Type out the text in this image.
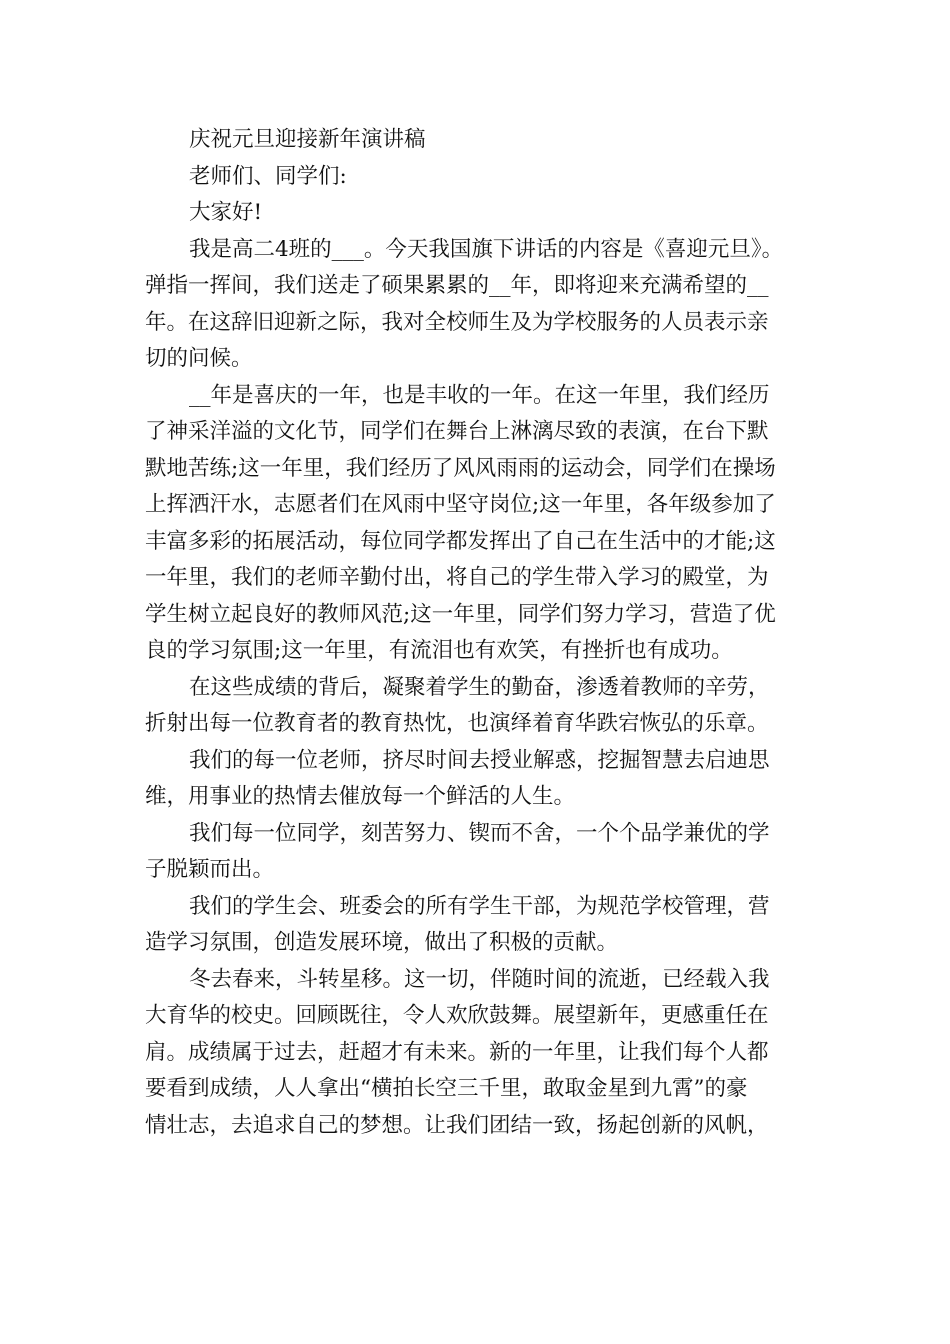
庆祝元旦迎接新年演讲稿
老师们、同学们:
大家好!
我是高二4班的___。今天我国旗下讲话的内容是《喜迎元旦》。
弹指一挥间，我们送走了硕果累累的__年，即将迎来充满希望的__
年。在这辞旧迎新之际，我对全校师生及为学校服务的人员表示亲
切的问候。
__年是喜庆的一年，也是丰收的一年。在这一年里，我们经历
了神采洋溢的文化节，同学们在舞台上淋漓尽致的表演，在台下默
默地苦练;这一年里，我们经历了风风雨雨的运动会，同学们在操场
上挥洒汗水，志愿者们在风雨中坚守岗位;这一年里，各年级参加了
丰富多彩的拓展活动，每位同学都发挥出了自己在生活中的才能;这
一年里，我们的老师辛勤付出，将自己的学生带入学习的殿堂，为
学生树立起良好的教师风范;这一年里，同学们努力学习，营造了优
良的学习氛围;这一年里，有流泪也有欢笑，有挫折也有成功。
在这些成绩的背后，凝聚着学生的勤奋，渗透着教师的辛劳，
折射出每一位教育者的教育热忱，也演绎着育华跌宕恢弘的乐章。
我们的每一位老师，挤尽时间去授业解惑，挖掘智慧去启迪思
维，用事业的热情去催放每一个鲜活的人生。
我们每一位同学，刻苦努力、锲而不舍，一个个品学兼优的学
子脱颖而出。
我们的学生会、班委会的所有学生干部，为规范学校管理，营
造学习氛围，创造发展环境，做出了积极的贡献。
冬去春来，斗转星移。这一切，伴随时间的流逝，已经载入我
大育华的校史。回顾既往，令人欢欣鼓舞。展望新年，更感重任在
肩。成绩属于过去，赶超才有未来。新的一年里，让我们每个人都
要看到成绩，人人拿出“横拍长空三千里，敢取金星到九霄”的豪
情壮志，去追求自己的梦想。让我们团结一致，扬起创新的风帆，
